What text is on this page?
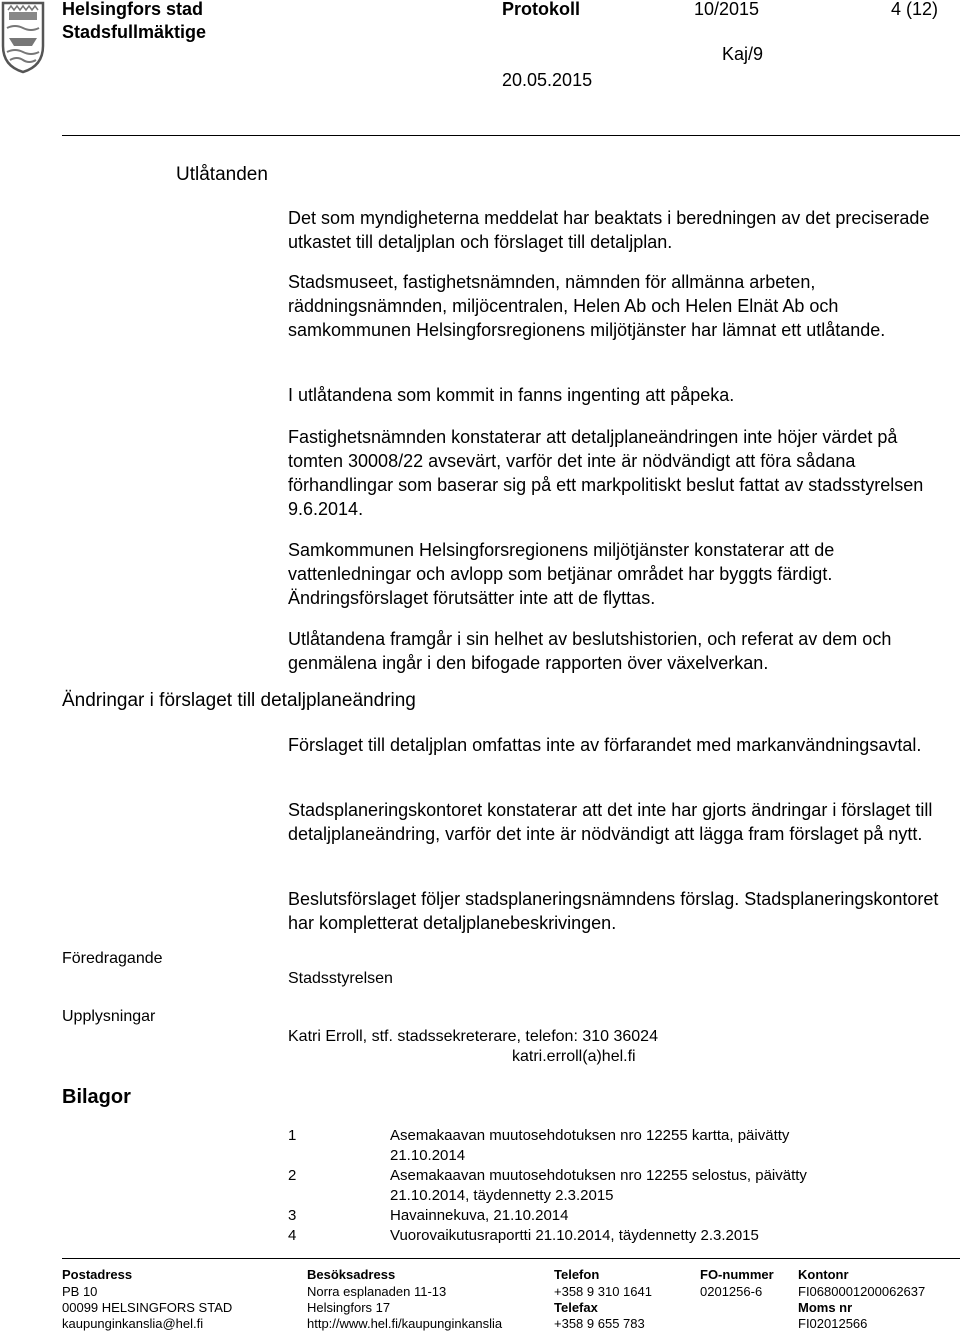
Helsingfors stad
Stadsfullmäktige
Protokoll	10/2015	4 (12)
Kaj/9
20.05.2015
Utlåtanden
Ändringar i förslaget till detaljplaneändring
Föredragande
Upplysningar
Bilagor
Det som myndigheterna meddelat har beaktats i beredningen av det preciserade utkastet till detaljplan och förslaget till detaljplan.
Stadsmuseet, fastighetsnämnden, nämnden för allmänna arbeten, räddningsnämnden, miljöcentralen, Helen Ab och Helen Elnät Ab och samkommunen Helsingforsregionens miljötjänster har lämnat ett utlåtande.
I utlåtandena som kommit in fanns ingenting att påpeka.
Fastighetsnämnden konstaterar att detaljplaneändringen inte höjer värdet på tomten 30008/22 avsevärt, varför det inte är nödvändigt att föra sådana förhandlingar som baserar sig på ett markpolitiskt beslut fattat av stadsstyrelsen 9.6.2014.
Samkommunen Helsingforsregionens miljötjänster konstaterar att de vattenledningar och avlopp som betjänar området har byggts färdigt. Ändringsförslaget förutsätter inte att de flyttas.
Utlåtandena framgår i sin helhet av beslutshistorien, och referat av dem och genmälena ingår i den bifogade rapporten över växelverkan.
Förslaget till detaljplan omfattas inte av förfarandet med markanvändningsavtal.
Stadsplaneringskontoret konstaterar att det inte har gjorts ändringar i förslaget till detaljplaneändring, varför det inte är nödvändigt att lägga fram förslaget på nytt.
Beslutsförslaget följer stadsplaneringsnämndens förslag. Stadsplaneringskontoret har kompletterat detaljplanebeskrivingen.
Stadsstyrelsen
Katri Erroll, stf. stadssekreterare, telefon: 310 36024
katri.erroll(a)hel.fi
1	Asemakaavan muutosehdotuksen nro 12255 kartta, päivätty
21.10.2014
2	Asemakaavan muutosehdotuksen nro 12255 selostus, päivätty
21.10.2014, täydennetty 2.3.2015
3	Havainnekuva, 21.10.2014
4	Vuorovaikutusraportti 21.10.2014, täydennetty 2.3.2015
Postadress
PB 10
00099 HELSINGFORS STAD
kaupunginkanslia@hel.fi
Besöksadress
Norra esplanaden 11-13
Helsingfors 17
http://www.hel.fi/kaupunginkanslia
Telefon
+358 9 310 1641
Telefax
+358 9 655 783
FO-nummer
0201256-6
Kontonr
FI0680001200062637
Moms nr
FI02012566
